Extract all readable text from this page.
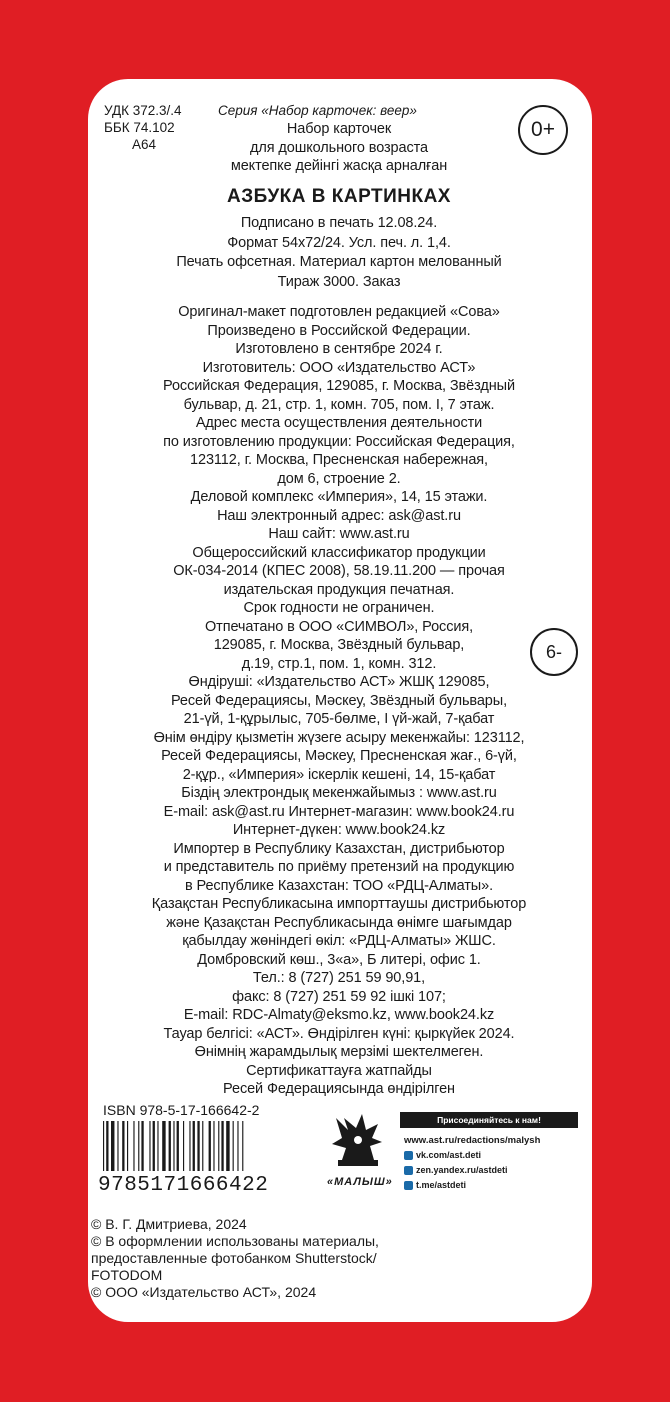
УДК 372.3/.4
ББК 74.102
А64
Серия «Набор карточек: веер»
Набор карточек
для дошкольного возраста
мектепке дейінгі жасқа арналған
0+
АЗБУКА В КАРТИНКАХ
Подписано в печать 12.08.24.
Формат 54x72/24. Усл. печ. л. 1,4.
Печать офсетная. Материал картон мелованный
Тираж 3000. Заказ
Оригинал-макет подготовлен редакцией «Сова»
Произведено в Российской Федерации.
Изготовлено в сентябре 2024 г.
Изготовитель: ООО «Издательство АСТ»
Российская Федерация, 129085, г. Москва, Звёздный
бульвар, д. 21, стр. 1, комн. 705, пом. I, 7 этаж.
Адрес места осуществления деятельности
по изготовлению продукции: Российская Федерация,
123112, г. Москва, Пресненская набережная,
дом 6, строение 2.
Деловой комплекс «Империя», 14, 15 этажи.
Наш электронный адрес: ask@ast.ru
Наш сайт: www.ast.ru
Общероссийский классификатор продукции
ОК-034-2014 (КПЕС 2008), 58.19.11.200 — прочая
издательская продукция печатная.
Срок годности не ограничен.
Отпечатано в ООО «СИМВОЛ», Россия,
129085, г. Москва, Звёздный бульвар,
д.19, стр.1, пом. 1, комн. 312.
Өндіруші: «Издательство АСТ» ЖШҚ 129085,
Ресей Федерациясы, Мәскеу, Звёздный бульвары,
21-үй, 1-құрылыс, 705-бөлме, I үй-жай, 7-қабат
Өнім өндіру қызметін жүзеге асыру мекенжайы: 123112,
Ресей Федерациясы, Мәскеу, Пресненская жағ., 6-үй,
2-құр., «Империя» іскерлік кешені, 14, 15-қабат
Біздің электрондық мекенжайымыз : www.ast.ru
E-mail: ask@ast.ru Интернет-магазин: www.book24.ru
Интернет-дүкен: www.book24.kz
Импортер в Республику Казахстан, дистрибьютор
и представитель по приёму претензий на продукцию
в Республике Казахстан: ТОО «РДЦ-Алматы».
Қазақстан Республикасына импорттаушы дистрибьютор
және Қазақстан Республикасында өнімге шағымдар
қабылдау жөніндегі өкіл: «РДЦ-Алматы» ЖШС.
Домбровский көш., 3«а», Б литері, офис 1.
Тел.: 8 (727) 251 59 90,91,
факс: 8 (727) 251 59 92 ішкі 107;
E-mail: RDC-Almaty@eksmo.kz, www.book24.kz
Тауар белгісі: «АСТ». Өндірілген күні: қыркүйек 2024.
Өнімнің жарамдылық мерзімі шектелмеген.
Сертификаттауға жатпайды
Ресей Федерациясында өндірілген
6-
ISBN 978-5-17-166642-2
9785171666422	«МАЛЫШ»
Присоединяйтесь к нам!
www.ast.ru/redactions/malysh
vk.com/ast.deti
zen.yandex.ru/astdeti
t.me/astdeti
© В. Г. Дмитриева, 2024
© В оформлении использованы материалы,
предоставленные фотобанком Shutterstock/
FOTODOM
© ООО «Издательство АСТ», 2024
